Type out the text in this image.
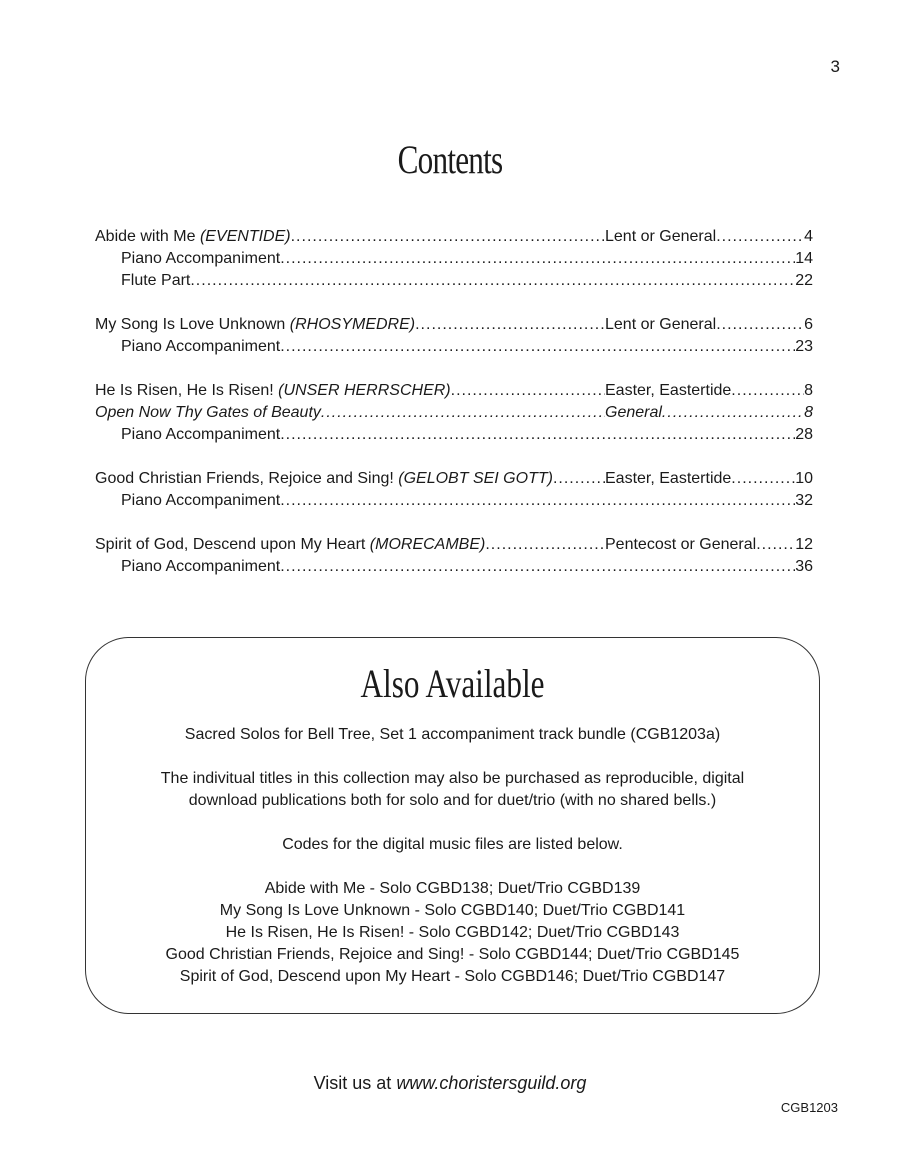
3
Contents
Abide with Me (EVENTIDE) .....	Lent or General .....	4
Piano Accompaniment .....	14
Flute Part .....	22
My Song Is Love Unknown (RHOSYMEDRE) .....	Lent or General .....	6
Piano Accompaniment .....	23
He Is Risen, He Is Risen! (UNSER HERRSCHER) .....	Easter, Eastertide .....	8
Open Now Thy Gates of Beauty .....	General .....	8
Piano Accompaniment .....	28
Good Christian Friends, Rejoice and Sing! (GELOBT SEI GOTT) .....	Easter, Eastertide .....	10
Piano Accompaniment .....	32
Spirit of God, Descend upon My Heart (MORECAMBE) .....	Pentecost or General ..... 12
Piano Accompaniment .....	36
Also Available

Sacred Solos for Bell Tree, Set 1 accompaniment track bundle (CGB1203a)

The indivitual titles in this collection may also be purchased as reproducible, digital
download publications both for solo and for duet/trio (with no shared bells.)

Codes for the digital music files are listed below.

Abide with Me - Solo CGBD138; Duet/Trio CGBD139

My Song Is Love Unknown - Solo CGBD140; Duet/Trio CGBD141

He Is Risen, He Is Risen! - Solo CGBD142; Duet/Trio CGBD143

Good Christian Friends, Rejoice and Sing! - Solo CGBD144; Duet/Trio CGBD145

Spirit of God, Descend upon My Heart - Solo CGBD146; Duet/Trio CGBD147

Visit us at www.choristersguild.org
CGB1203
